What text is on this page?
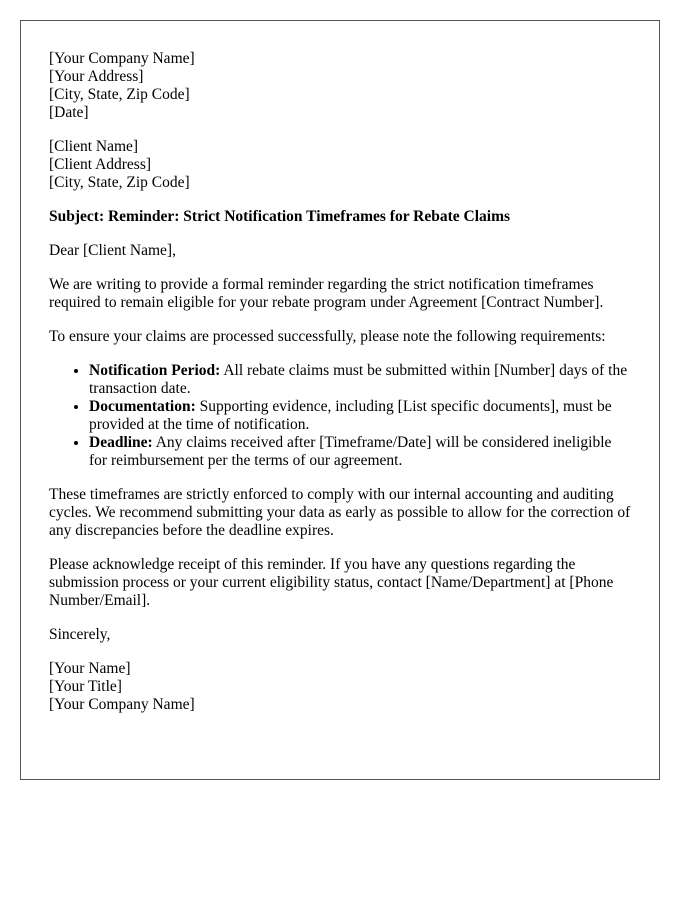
[Your Company Name]
[Your Address]
[City, State, Zip Code]
[Date]
[Client Name]
[Client Address]
[City, State, Zip Code]

Subject: Reminder: Strict Notification Timeframes for Rebate Claims

Dear [Client Name],

We are writing to provide a formal reminder regarding the strict notification timeframes required to remain eligible for your rebate program under Agreement [Contract Number].

To ensure your claims are processed successfully, please note the following requirements:

• Notification Period: All rebate claims must be submitted within [Number] days of the transaction date.
• Documentation: Supporting evidence, including [List specific documents], must be provided at the time of notification.
• Deadline: Any claims received after [Timeframe/Date] will be considered ineligible for reimbursement per the terms of our agreement.

These timeframes are strictly enforced to comply with our internal accounting and auditing cycles. We recommend submitting your data as early as possible to allow for the correction of any discrepancies before the deadline expires.

Please acknowledge receipt of this reminder. If you have any questions regarding the submission process or your current eligibility status, contact [Name/Department] at [Phone Number/Email].

Sincerely,

[Your Name]
[Your Title]
[Your Company Name]
